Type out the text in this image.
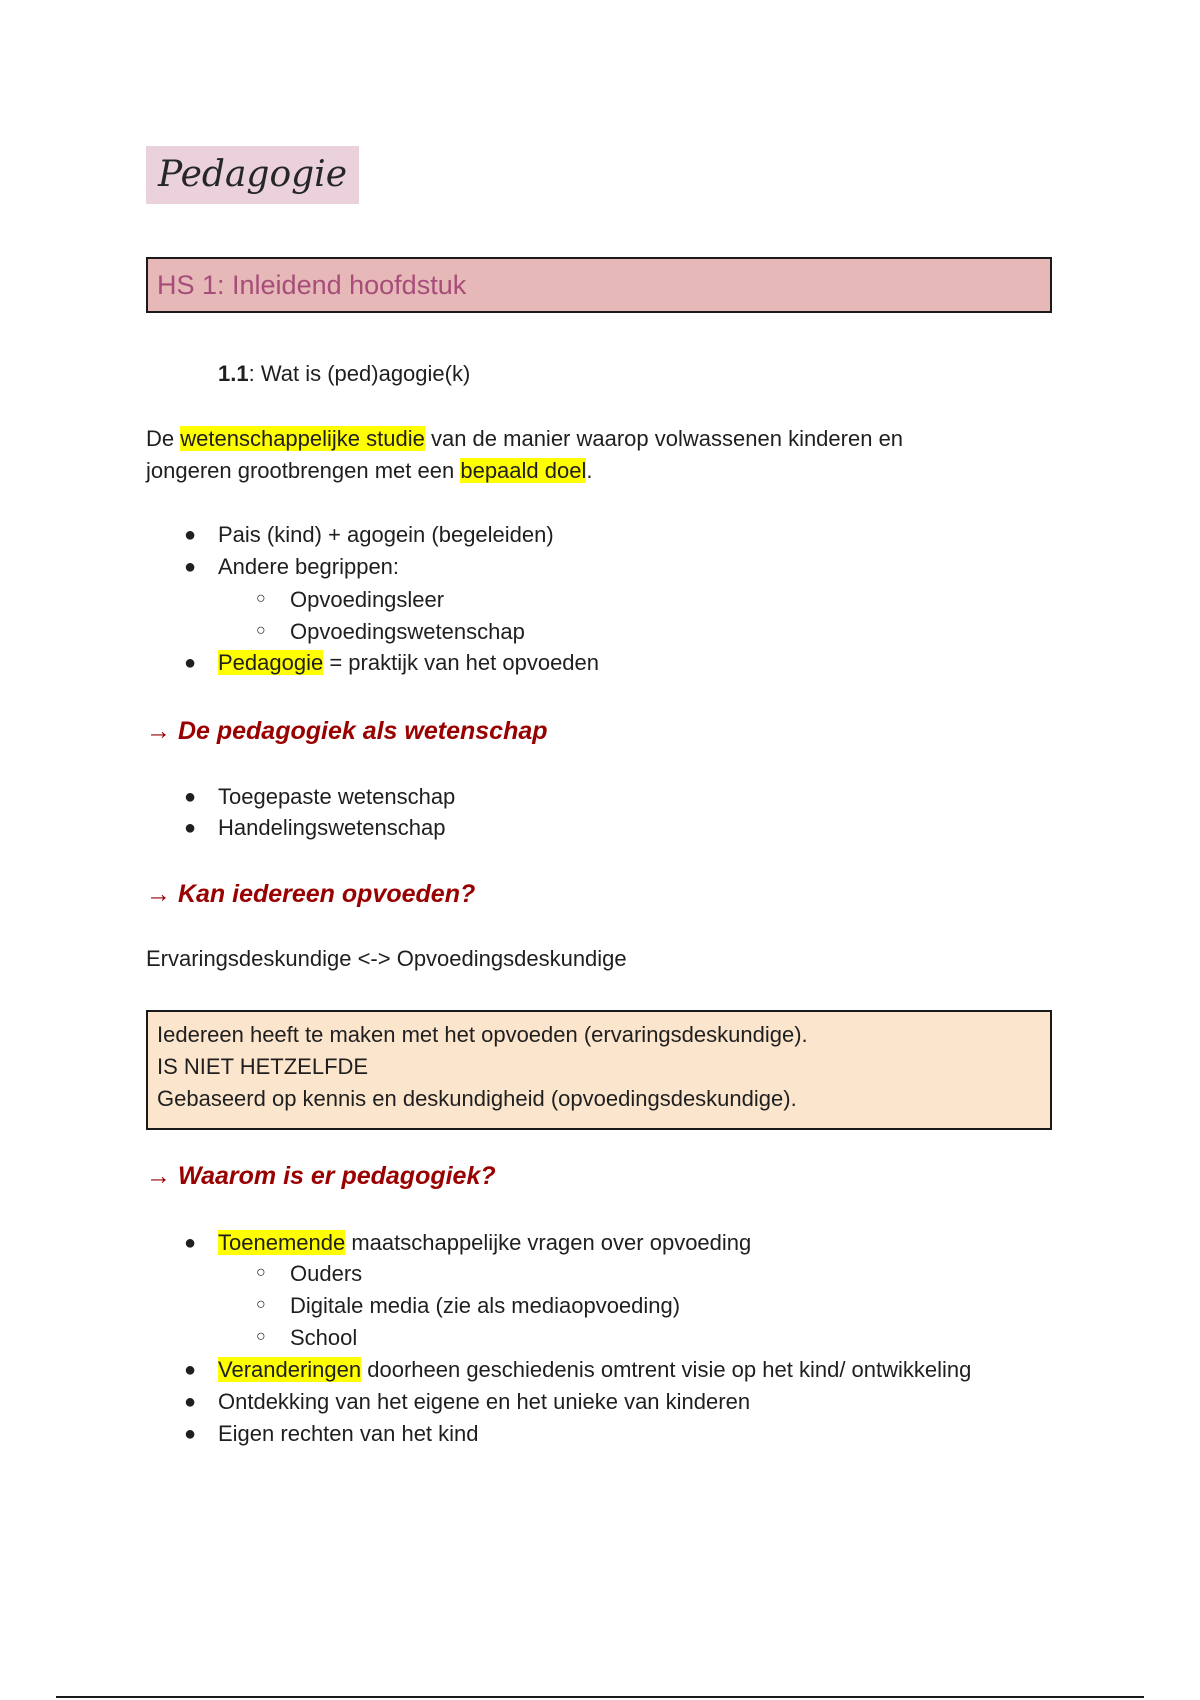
Pedagogie
HS 1: Inleidend hoofdstuk
1.1: Wat is (ped)agogie(k)
De wetenschappelijke studie van de manier waarop volwassenen kinderen en
jongeren grootbrengen met een bepaald doel.
● Pais (kind) + agogein (begeleiden)
● Andere begrippen:
○ Opvoedingsleer
○ Opvoedingswetenschap
● Pedagogie = praktijk van het opvoeden
→ De pedagogiek als wetenschap
● Toegepaste wetenschap
● Handelingswetenschap
→ Kan iedereen opvoeden?
Ervaringsdeskundige <-> Opvoedingsdeskundige
Iedereen heeft te maken met het opvoeden (ervaringsdeskundige).
IS NIET HETZELFDE
Gebaseerd op kennis en deskundigheid (opvoedingsdeskundige).
→ Waarom is er pedagogiek?
● Toenemende maatschappelijke vragen over opvoeding
○ Ouders
○ Digitale media (zie als mediaopvoeding)
○ School
● Veranderingen doorheen geschiedenis omtrent visie op het kind/ ontwikkeling
● Ontdekking van het eigene en het unieke van kinderen
● Eigen rechten van het kind
